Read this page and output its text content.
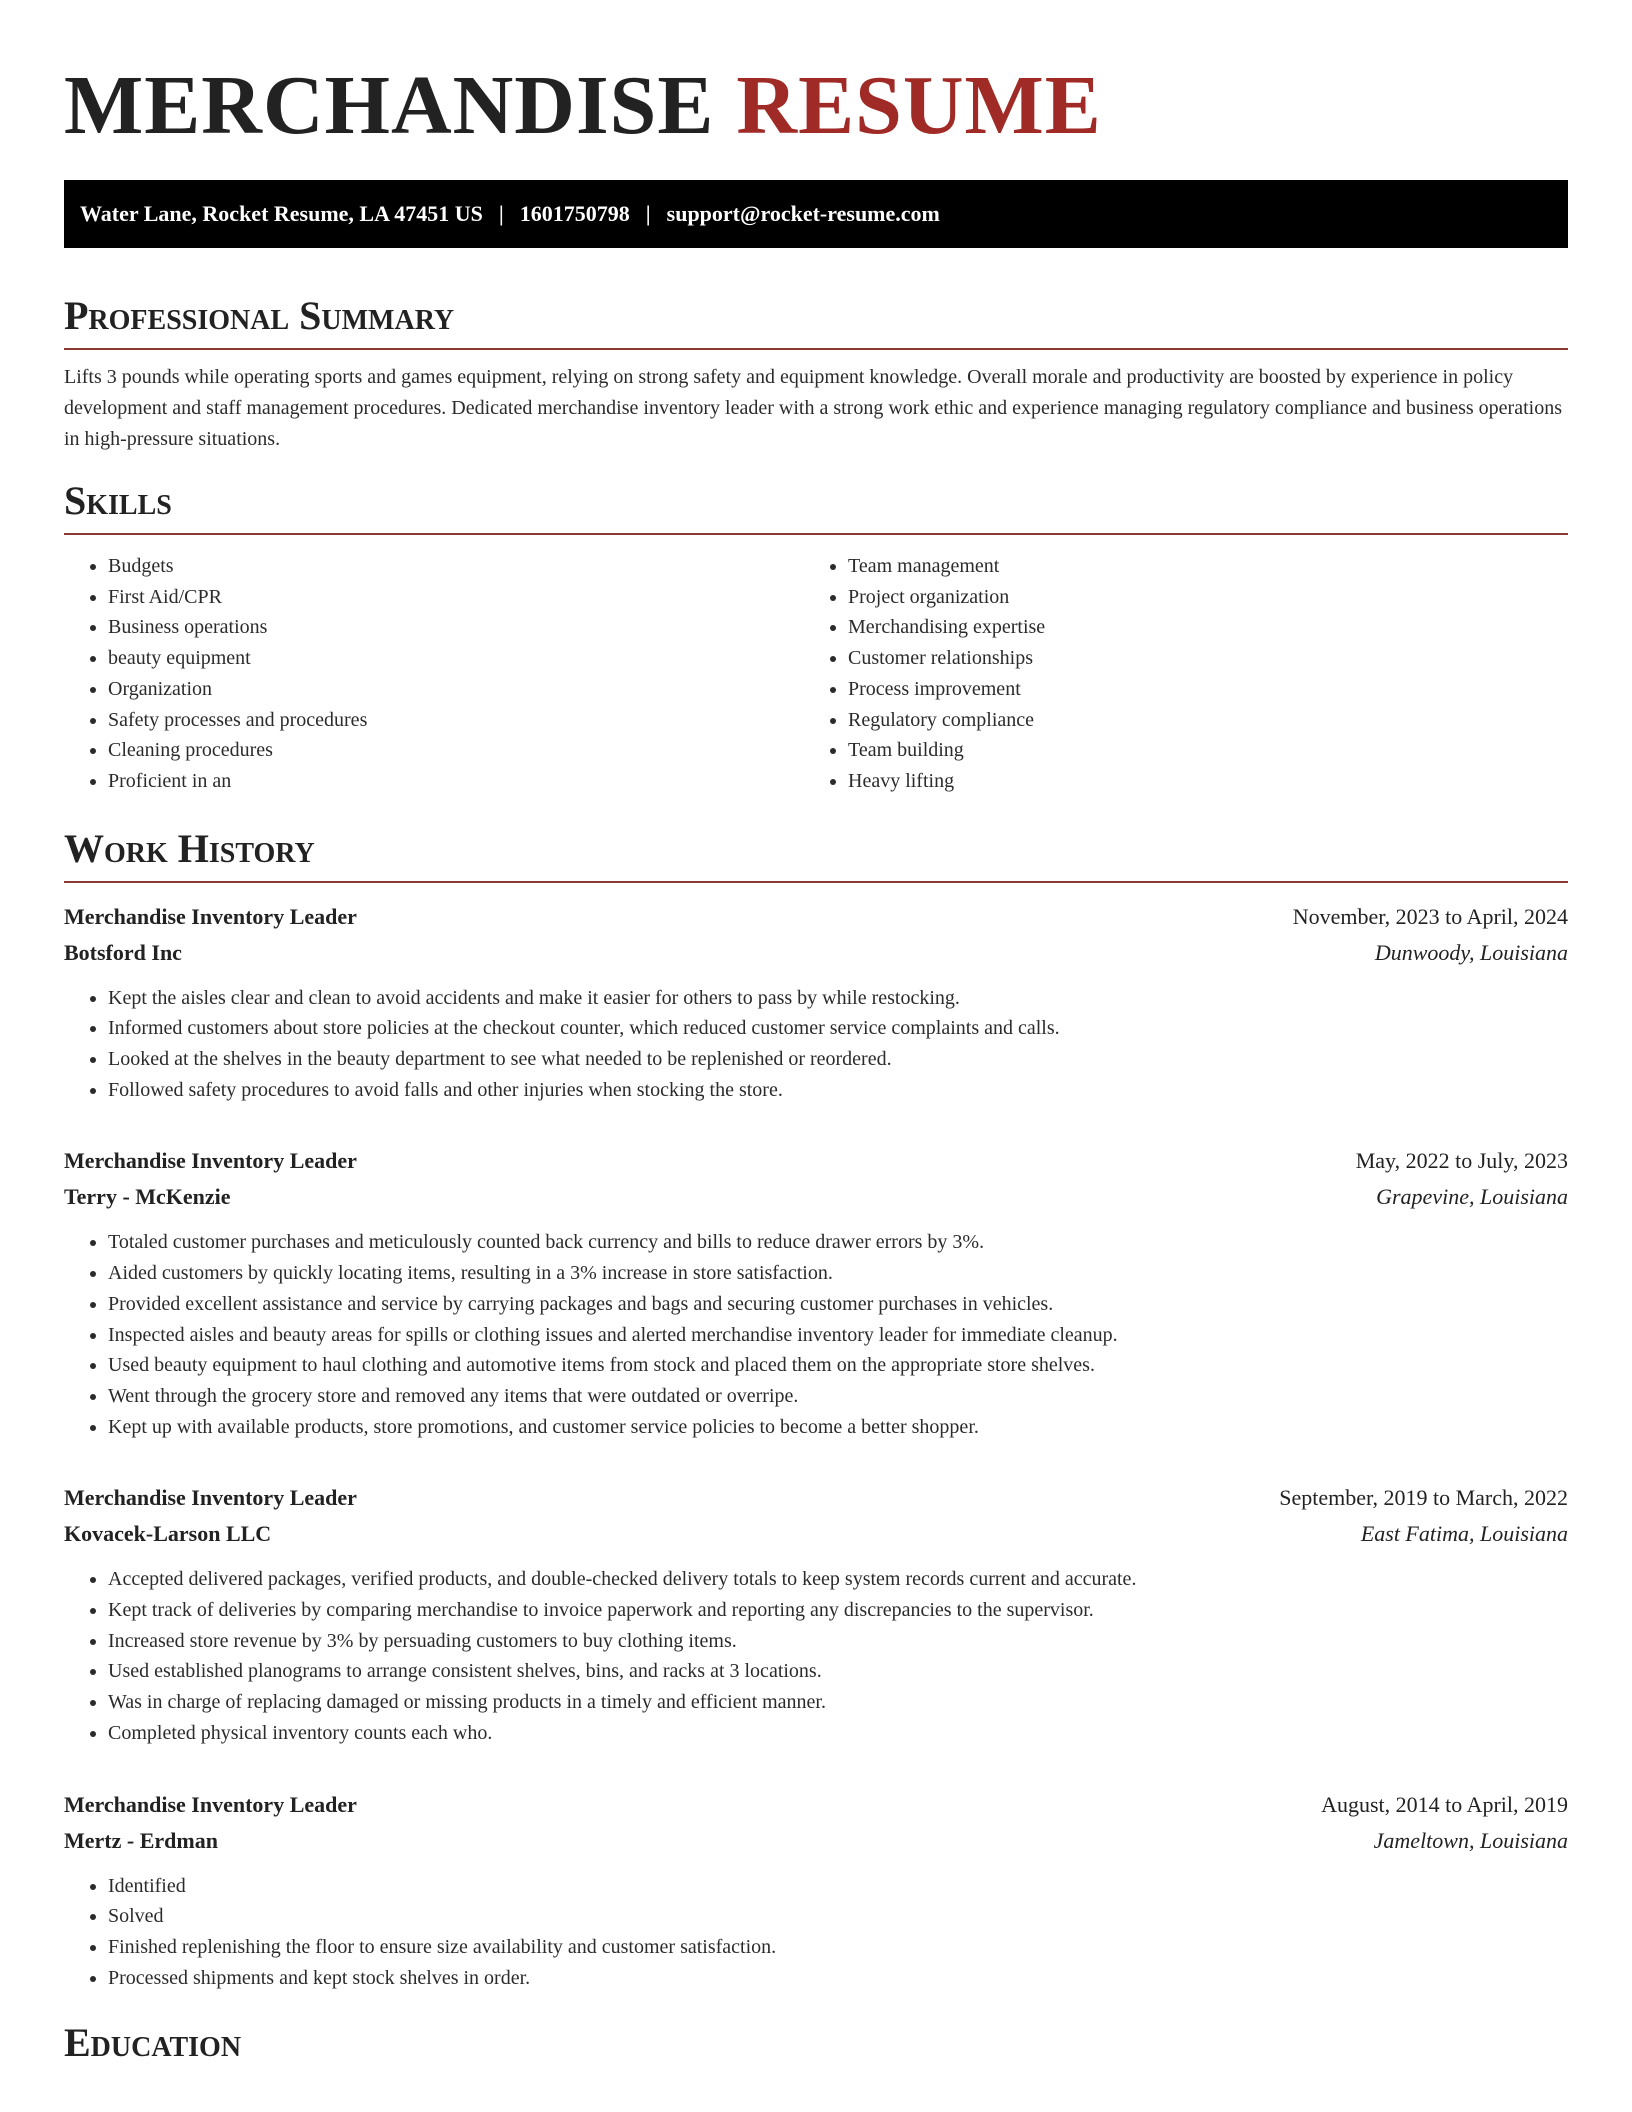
MERCHANDISE RESUME
Water Lane, Rocket Resume, LA 47451 US | 1601750798 | support@rocket-resume.com
Professional Summary

Lifts 3 pounds while operating sports and games equipment, relying on strong safety and equipment knowledge. Overall morale and productivity are boosted by experience in policy development and staff management procedures. Dedicated merchandise inventory leader with a strong work ethic and experience managing regulatory compliance and business operations in high-pressure situations.

Skills
• Budgets
• First Aid/CPR
• Business operations
• beauty equipment
• Organization
• Safety processes and procedures
• Cleaning procedures
• Proficient in an
• Team management
• Project organization
• Merchandising expertise
• Customer relationships
• Process improvement
• Regulatory compliance
• Team building
• Heavy lifting
Work History
Merchandise Inventory Leader	November, 2023 to April, 2024
Botsford Inc	Dunwoody, Louisiana
• Kept the aisles clear and clean to avoid accidents and make it easier for others to pass by while restocking.
• Informed customers about store policies at the checkout counter, which reduced customer service complaints and calls.
• Looked at the shelves in the beauty department to see what needed to be replenished or reordered.
• Followed safety procedures to avoid falls and other injuries when stocking the store.
Merchandise Inventory Leader	May, 2022 to July, 2023
Terry - McKenzie	Grapevine, Louisiana
• Totaled customer purchases and meticulously counted back currency and bills to reduce drawer errors by 3%.
• Aided customers by quickly locating items, resulting in a 3% increase in store satisfaction.
• Provided excellent assistance and service by carrying packages and bags and securing customer purchases in vehicles.
• Inspected aisles and beauty areas for spills or clothing issues and alerted merchandise inventory leader for immediate cleanup.
• Used beauty equipment to haul clothing and automotive items from stock and placed them on the appropriate store shelves.
• Went through the grocery store and removed any items that were outdated or overripe.
• Kept up with available products, store promotions, and customer service policies to become a better shopper.
Merchandise Inventory Leader	September, 2019 to March, 2022
Kovacek-Larson LLC	East Fatima, Louisiana
• Accepted delivered packages, verified products, and double-checked delivery totals to keep system records current and accurate.
• Kept track of deliveries by comparing merchandise to invoice paperwork and reporting any discrepancies to the supervisor.
• Increased store revenue by 3% by persuading customers to buy clothing items.
• Used established planograms to arrange consistent shelves, bins, and racks at 3 locations.
• Was in charge of replacing damaged or missing products in a timely and efficient manner.
• Completed physical inventory counts each who.
Merchandise Inventory Leader	August, 2014 to April, 2019
Mertz - Erdman	Jameltown, Louisiana
• Identified
• Solved
• Finished replenishing the floor to ensure size availability and customer satisfaction.
• Processed shipments and kept stock shelves in order.
Education
